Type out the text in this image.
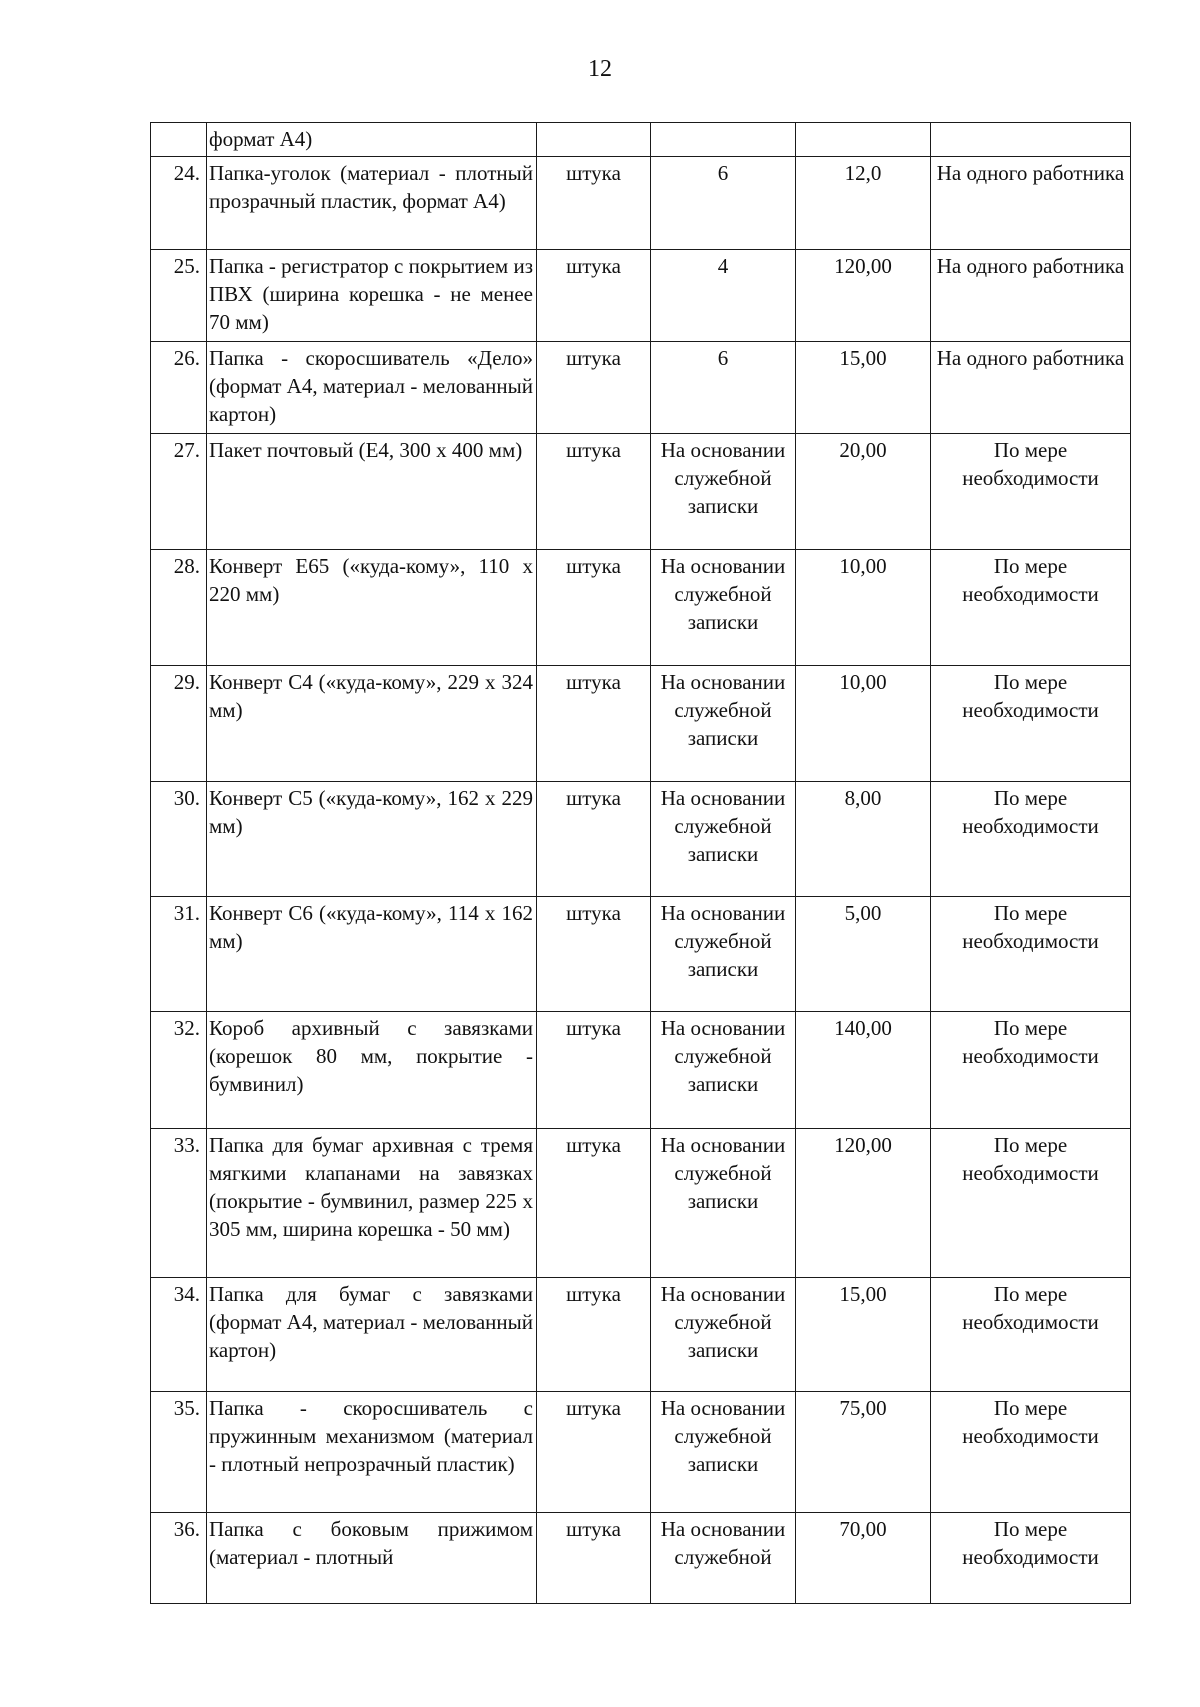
12
	формат А4)				
24.	Папка-уголок (материал - плотный прозрачный пластик, формат А4)	штука	6	12,0	На одного работника
25.	Папка - регистратор с покрытием из ПВХ (ширина корешка - не менее 70 мм)	штука	4	120,00	На одного работника
26.	Папка - скоросшиватель «Дело» (формат А4, материал - мелованный картон)	штука	6	15,00	На одного работника
27.	Пакет почтовый (Е4, 300 х 400 мм)	штука	На основании служебной записки	20,00	По мере необходимости
28.	Конверт Е65 («куда-кому», 110 х 220 мм)	штука	На основании служебной записки	10,00	По мере необходимости
29.	Конверт С4 («куда-кому», 229 х 324 мм)	штука	На основании служебной записки	10,00	По мере необходимости
30.	Конверт С5 («куда-кому», 162 х 229 мм)	штука	На основании служебной записки	8,00	По мере необходимости
31.	Конверт С6 («куда-кому», 114 х 162 мм)	штука	На основании служебной записки	5,00	По мере необходимости
32.	Короб архивный с завязками (корешок 80 мм, покрытие - бумвинил)	штука	На основании служебной записки	140,00	По мере необходимости
33.	Папка для бумаг архивная с тремя мягкими клапанами на завязках (покрытие - бумвинил, размер 225 х 305 мм, ширина корешка - 50 мм)	штука	На основании служебной записки	120,00	По мере необходимости
34.	Папка для бумаг с завязками (формат А4, материал - мелованный картон)	штука	На основании служебной записки	15,00	По мере необходимости
35.	Папка - скоросшиватель с пружинным механизмом (материал - плотный непрозрачный пластик)	штука	На основании служебной записки	75,00	По мере необходимости
36.	Папка с боковым прижимом (материал - плотный	штука	На основании служебной	70,00	По мере необходимости
